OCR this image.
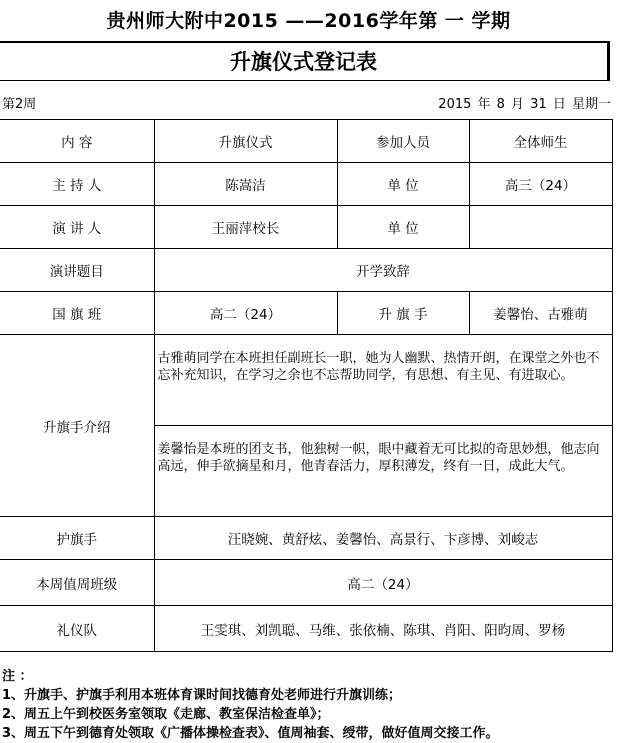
贵州师大附中2015 ——2016学年第 一 学期
升旗仪式登记表
第2周	2015 年 8 月 31 日 星期一
内 容	升旗仪式	参加人员	全体师生
主 持 人	陈嵩洁	单 位	高三（24）
演 讲 人	王丽萍校长	单 位	
演讲题目	开学致辞		
国 旗 班	高二（24）	升 旗 手	姜馨怡、古雅萌
升旗手介绍	古雅萌同学在本班担任副班长一职，她为人幽默、热情开朗，在课堂之外也不忘补充知识，在学习之余也不忘帮助同学，有思想、有主见、有进取心。		
	姜馨怡是本班的团支书，他独树一帜，眼中藏着无可比拟的奇思妙想，他志向高远，伸手欲摘星和月，他青春活力，厚积薄发，终有一日，成此大气。		
护旗手	汪晓婉、黄舒炫、姜馨怡、高景行、卞彦博、刘峻志		
本周值周班级	高二（24）		
礼仪队	王雯琪、刘凯聪、马维、张依楠、陈琪、肖阳、阳昀周、罗杨		
注 ：
1、升旗手、护旗手利用本班体育课时间找德育处老师进行升旗训练；
2、周五上午到校医务室领取《走廊、教室保洁检查单》；
3、周五下午到德育处领取《广播体操检查表》、值周袖套、绶带，做好值周交接工作。
